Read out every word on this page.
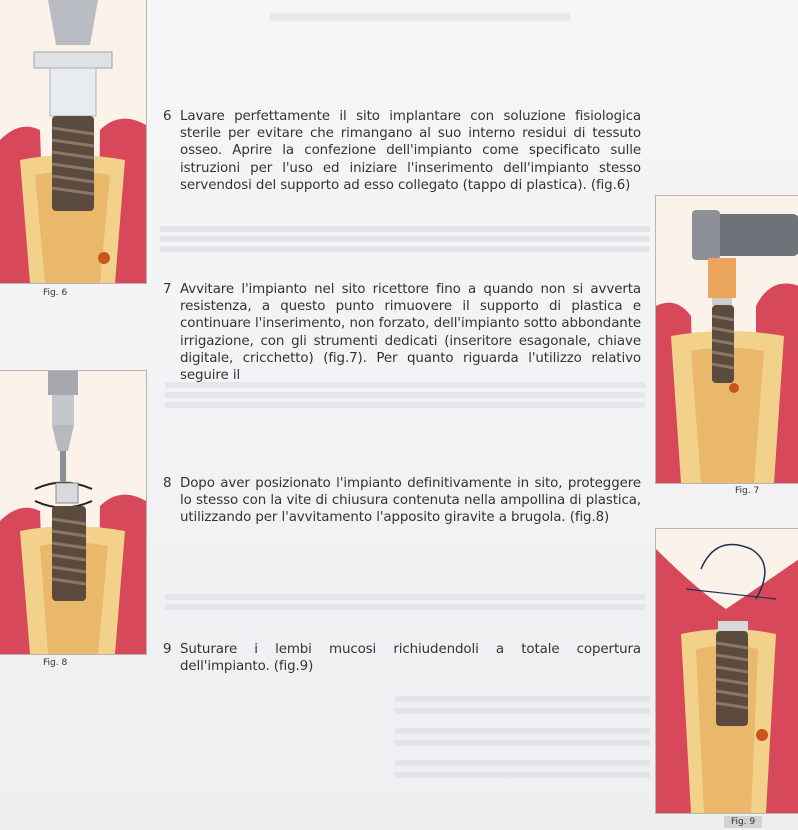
Fig. 6
Fig. 8
Fig. 7
Fig. 9
6 Lavare perfettamente il sito implantare con soluzione fisiologica sterile per evitare che rimangano al suo interno residui di tessuto osseo. Aprire la confezione dell'impianto come specificato sulle istruzioni per l'uso ed iniziare l'inserimento dell'impianto stesso servendosi del supporto ad esso collegato (tappo di plastica). (fig.6)
7 Avvitare l'impianto nel sito ricettore fino a quando non si avverta resistenza, a questo punto rimuovere il supporto di plastica e continuare l'inserimento, non forzato, dell'impianto sotto abbondante irrigazione, con gli strumenti dedicati (inseritore esagonale, chiave digitale, cricchetto) (fig.7). Per quanto riguarda l'utilizzo relativo seguire il
8 Dopo aver posizionato l'impianto definitivamente in sito, proteggere lo stesso con la vite di chiusura contenuta nella ampollina di plastica, utilizzando per l'avvitamento l'apposito giravite a brugola. (fig.8)
9 Suturare i lembi mucosi richiudendoli a totale copertura dell'impianto. (fig.9)
